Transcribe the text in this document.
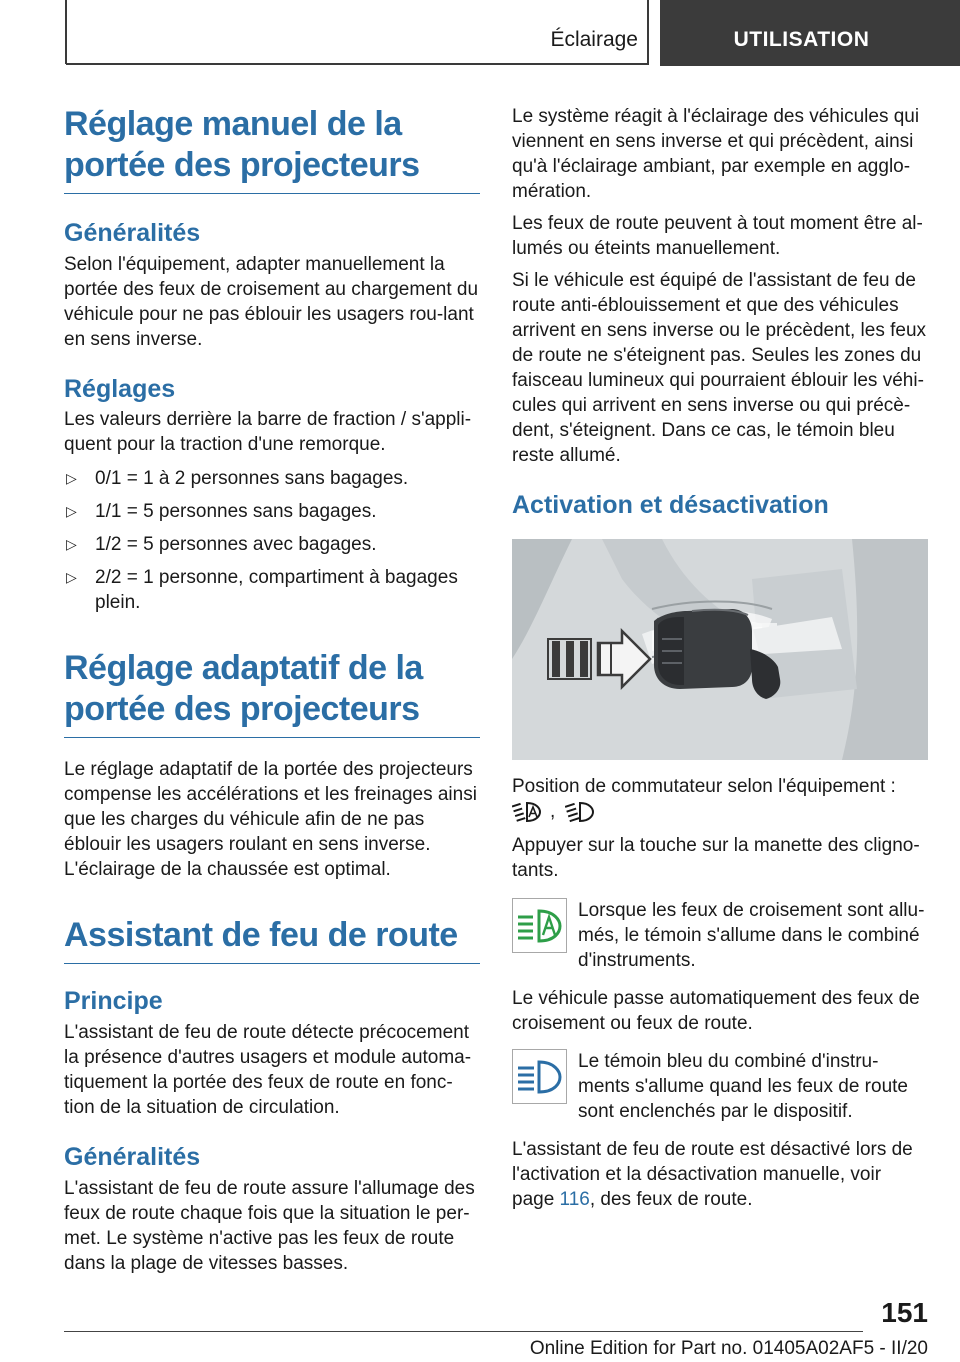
Éclairage	UTILISATION
Réglage manuel de la portée des projecteurs
Généralités
Selon l'équipement, adapter manuellement la portée des feux de croisement au chargement du véhicule pour ne pas éblouir les usagers rou-lant en sens inverse.
Réglages
Les valeurs derrière la barre de fraction / s'appli-quent pour la traction d'une remorque.
▷ 0/1 = 1 à 2 personnes sans bagages.
▷ 1/1 = 5 personnes sans bagages.
▷ 1/2 = 5 personnes avec bagages.
▷ 2/2 = 1 personne, compartiment à bagages plein.
Réglage adaptatif de la portée des projecteurs
Le réglage adaptatif de la portée des projecteurs compense les accélérations et les freinages ainsi que les charges du véhicule afin de ne pas éblouir les usagers roulant en sens inverse.
L'éclairage de la chaussée est optimal.
Assistant de feu de route
Principe
L'assistant de feu de route détecte précocement la présence d'autres usagers et module automa-tiquement la portée des feux de route en fonc-tion de la situation de circulation.
Généralités
L'assistant de feu de route assure l'allumage des feux de route chaque fois que la situation le per-met. Le système n'active pas les feux de route dans la plage de vitesses basses.
Le système réagit à l'éclairage des véhicules qui viennent en sens inverse et qui précèdent, ainsi qu'à l'éclairage ambiant, par exemple en agglo-mération.
Les feux de route peuvent à tout moment être al-lumés ou éteints manuellement.
Si le véhicule est équipé de l'assistant de feu de route anti-éblouissement et que des véhicules arrivent en sens inverse ou le précèdent, les feux de route ne s'éteignent pas. Seules les zones du faisceau lumineux qui pourraient éblouir les véhi-cules qui arrivent en sens inverse ou qui précè-dent, s'éteignent. Dans ce cas, le témoin bleu reste allumé.
Activation et désactivation
Position de commutateur selon l'équipement :
,
Appuyer sur la touche sur la manette des cligno-tants.
Lorsque les feux de croisement sont allu-més, le témoin s'allume dans le combiné d'instruments.
Le véhicule passe automatiquement des feux de croisement ou feux de route.
Le témoin bleu du combiné d'instru-ments s'allume quand les feux de route sont enclenchés par le dispositif.
L'assistant de feu de route est désactivé lors de l'activation et la désactivation manuelle, voir page 116, des feux de route.
151
Online Edition for Part no. 01405A02AF5 - II/20
